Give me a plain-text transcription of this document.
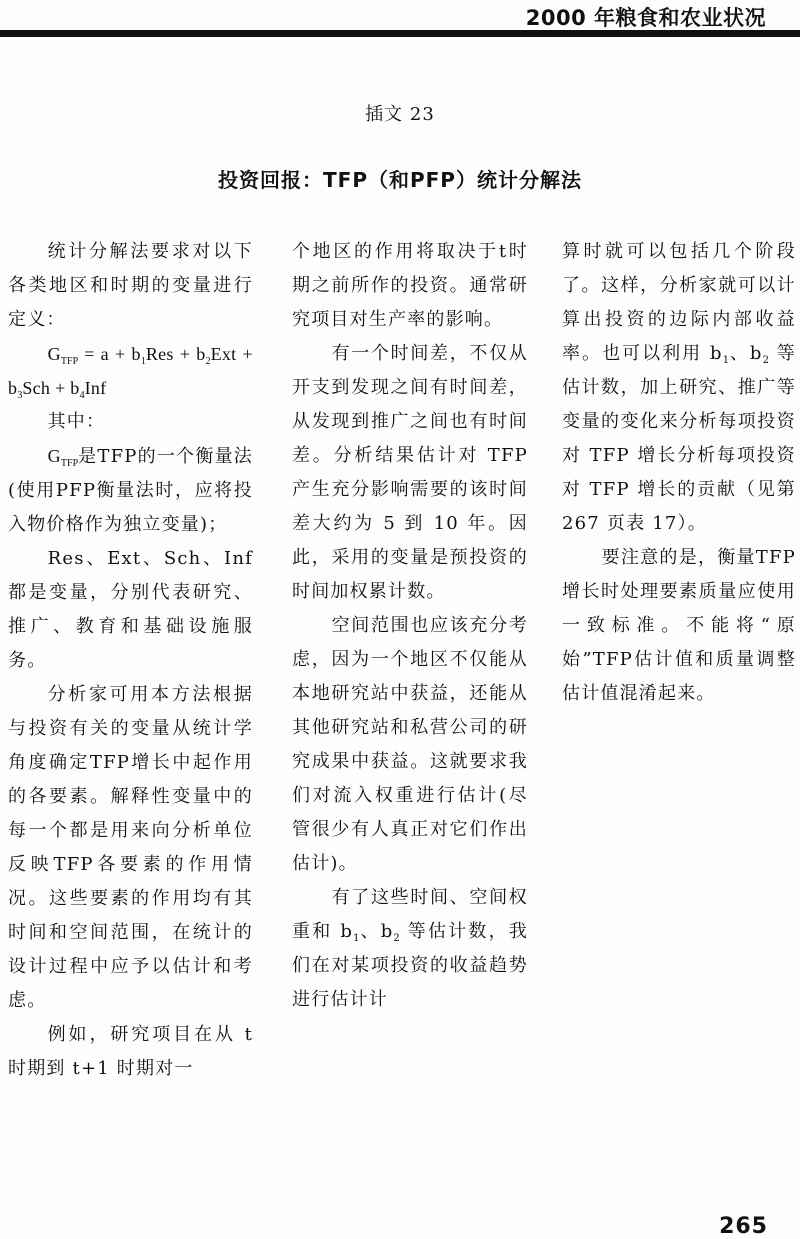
2000 年粮食和农业状况
插文 23
投资回报：TFP（和PFP）统计分解法

统计分解法要求对以下各类地区和时期的变量进行定义：

$G_{TFP} = a + b_1Res + b_2Ext + b_3Sch + b_4Inf$

其中：

$G_{TFP}$是TFP的一个衡量法(使用PFP衡量法时，应将投入物价格作为独立变量)；

Res、Ext、Sch、Inf都是变量，分别代表研究、推广、教育和基础设施服务。

分析家可用本方法根据与投资有关的变量从统计学角度确定TFP增长中起作用的各要素。解释性变量中的每一个都是用来向分析单位反映TFP各要素的作用情况。这些要素的作用均有其时间和空间范围，在统计的设计过程中应予以估计和考虑。

例如，研究项目在从 t 时期到 t+1 时期对一

个地区的作用将取决于t时期之前所作的投资。通常研究项目对生产率的影响。

有一个时间差，不仅从开支到发现之间有时间差，从发现到推广之间也有时间差。分析结果估计对 TFP 产生充分影响需要的该时间差大约为 5 到 10 年。因此，采用的变量是预投资的时间加权累计数。

空间范围也应该充分考虑，因为一个地区不仅能从本地研究站中获益，还能从其他研究站和私营公司的研究成果中获益。这就要求我们对流入权重进行估计(尽管很少有人真正对它们作出估计)。

有了这些时间、空间权重和 $b_1$、$b_2$ 等估计数，我们在对某项投资的收益趋势进行估计计

算时就可以包括几个阶段了。这样，分析家就可以计算出投资的边际内部收益率。也可以利用 $b_1$、$b_2$ 等估计数，加上研究、推广等变量的变化来分析每项投资对 TFP 增长分析每项投资对 TFP 增长的贡献（见第 267 页表 17）。

要注意的是，衡量TFP增长时处理要素质量应使用一致标准。不能将“原始”TFP估计值和质量调整估计值混淆起来。

265
